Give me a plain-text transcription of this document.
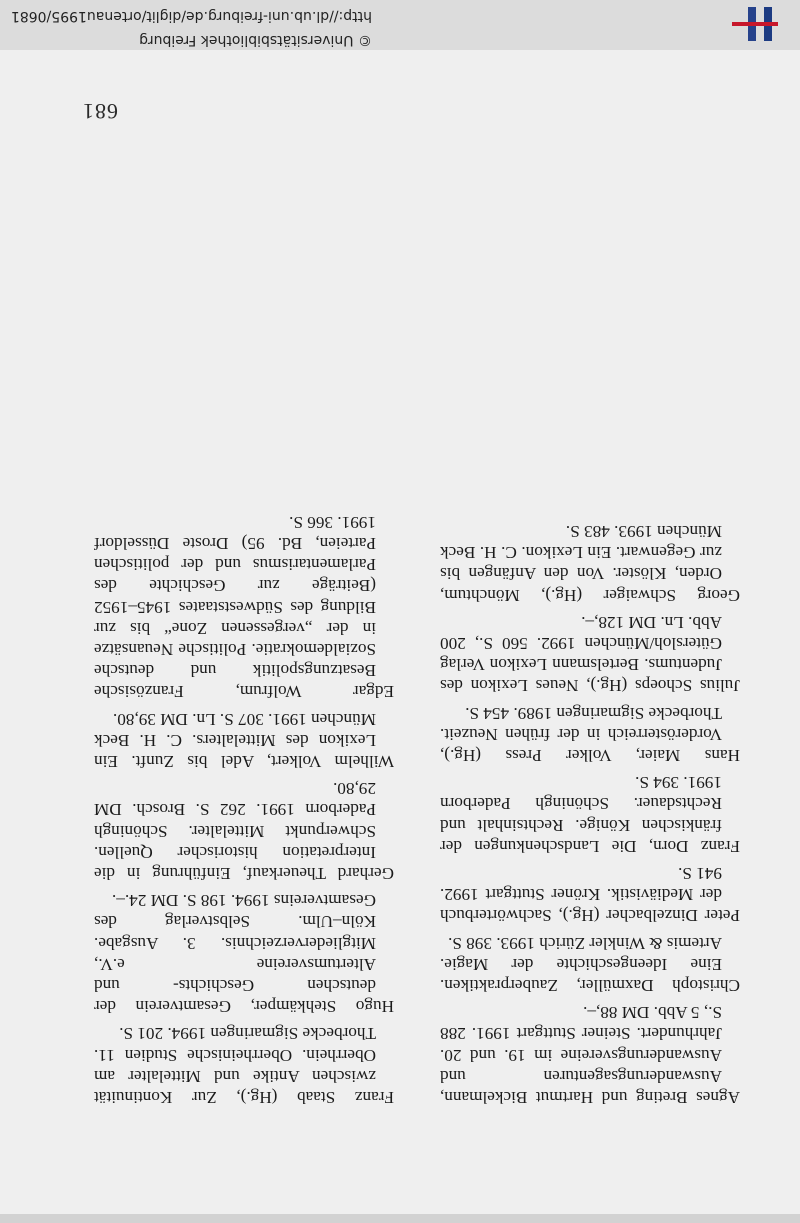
Agnes Breting und Hartmut Bickelmann, Auswanderungsagenturen und Auswanderungsvereine im 19. und 20. Jahrhundert. Steiner Stuttgart 1991. 288 S., 5 Abb. DM 88,–.

Christoph Daxmüller, Zauberpraktiken. Eine Ideengeschichte der Magie. Artemis & Winkler Zürich 1993. 398 S.

Peter Dinzelbacher (Hg.), Sachwörterbuch der Mediävistik. Kröner Stuttgart 1992. 941 S.

Franz Dorn, Die Landschenkungen der fränkischen Könige. Rechtsinhalt und Rechtsdauer. Schöningh Paderborn 1991. 394 S.

Hans Maier, Volker Press (Hg.), Vorderösterreich in der frühen Neuzeit. Thorbecke Sigmaringen 1989. 454 S.

Julius Schoeps (Hg.), Neues Lexikon des Judentums. Bertelsmann Lexikon Verlag Gütersloh/München 1992. 560 S., 200 Abb. Ln. DM 128,–.

Georg Schwaiger (Hg.), Mönchtum, Orden, Klöster. Von den Anfängen bis zur Gegenwart. Ein Lexikon. C. H. Beck München 1993. 483 S.

Franz Staab (Hg.), Zur Kontinuität zwischen Antike und Mittelalter am Oberrhein. Oberrheinische Studien 11. Thorbecke Sigmaringen 1994. 201 S.

Hugo Stehkämper, Gesamtverein der deutschen Geschichts- und Altertumsvereine e.V., Mitgliederverzeichnis. 3. Ausgabe. Köln–Ulm. Selbstverlag des Gesamtvereins 1994. 198 S. DM 24.–.

Gerhard Theuerkauf, Einführung in die Interpretation historischer Quellen. Schwerpunkt Mittelalter. Schöningh Paderborn 1991. 262 S. Brosch. DM 29,80.

Wilhelm Volkert, Adel bis Zunft. Ein Lexikon des Mittelalters. C. H. Beck München 1991. 307 S. Ln. DM 39,80.

Edgar Wolfrum, Französische Besatzungspolitik und deutsche Sozialdemokratie. Politische Neuansätze in der „vergessenen Zone“ bis zur Bildung des Südweststaates 1945–1952 (Beiträge zur Geschichte des Parlamentarismus und der politischen Parteien, Bd. 95) Droste Düsseldorf 1991. 366 S.

681
© Universitätsbibliothek Freiburg
http://dl.ub.uni-freiburg.de/diglit/ortenau1995/0681
